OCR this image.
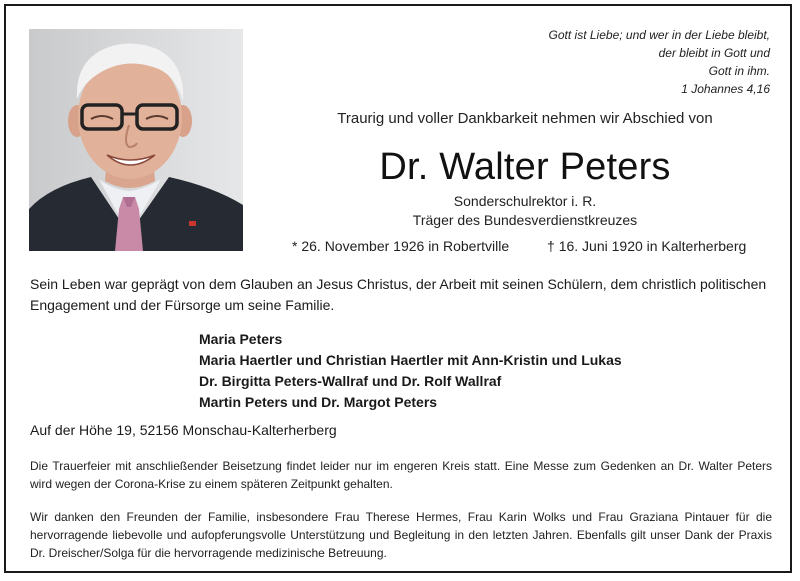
Gott ist Liebe; und wer in der Liebe bleibt,
der bleibt in Gott und
Gott in ihm.
1 Johannes 4,16
Traurig und voller Dankbarkeit nehmen wir Abschied von
Dr. Walter Peters
Sonderschulrektor i. R.
Träger des Bundesverdienstkreuzes
* 26. November 1926 in Robertville	† 16. Juni 1920 in Kalterherberg
Sein Leben war geprägt von dem Glauben an Jesus Christus, der Arbeit mit seinen Schülern, dem christlich politischen Engagement und der Fürsorge um seine Familie.
Maria Peters
Maria Haertler und Christian Haertler mit Ann-Kristin und Lukas
Dr. Birgitta Peters-Wallraf und Dr. Rolf Wallraf
Martin Peters und Dr. Margot Peters
Auf der Höhe 19, 52156 Monschau-Kalterherberg
Die Trauerfeier mit anschließender Beisetzung findet leider nur im engeren Kreis statt. Eine Messe zum Gedenken an Dr. Walter Peters wird wegen der Corona-Krise zu einem späteren Zeitpunkt gehalten.
Wir danken den Freunden der Familie, insbesondere Frau Therese Hermes, Frau Karin Wolks und Frau Graziana Pintauer für die hervorragende liebevolle und aufopferungsvolle Unterstützung und Begleitung in den letzten Jahren. Ebenfalls gilt unser Dank der Praxis Dr. Dreischer/Solga für die hervorragende medizinische Betreuung.
